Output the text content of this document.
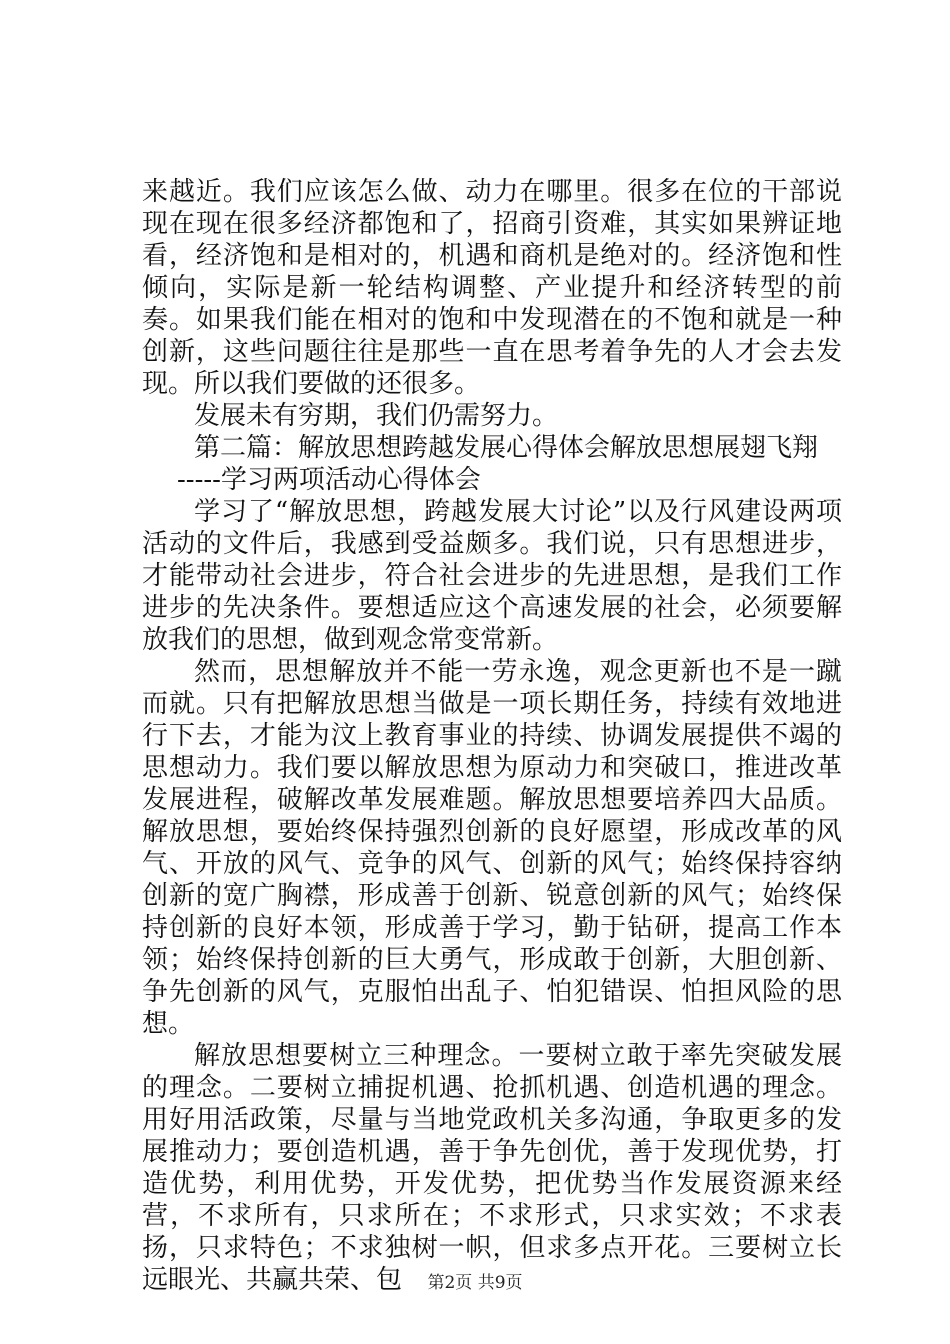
来越近。我们应该怎么做、动力在哪里。很多在位的干部说现在现在很多经济都饱和了，招商引资难，其实如果辨证地看，经济饱和是相对的，机遇和商机是绝对的。经济饱和性倾向，实际是新一轮结构调整、产业提升和经济转型的前奏。如果我们能在相对的饱和中发现潜在的不饱和就是一种创新，这些问题往往是那些一直在思考着争先的人才会去发现。所以我们要做的还很多。

发展未有穷期，我们仍需努力。

第二篇：解放思想跨越发展心得体会解放思想展翅飞翔

-----学习两项活动心得体会

学习了“解放思想，跨越发展大讨论”以及行风建设两项活动的文件后，我感到受益颇多。我们说，只有思想进步，才能带动社会进步，符合社会进步的先进思想，是我们工作进步的先决条件。要想适应这个高速发展的社会，必须要解放我们的思想，做到观念常变常新。

然而，思想解放并不能一劳永逸，观念更新也不是一蹴而就。只有把解放思想当做是一项长期任务，持续有效地进行下去，才能为汶上教育事业的持续、协调发展提供不竭的思想动力。我们要以解放思想为原动力和突破口，推进改革发展进程，破解改革发展难题。解放思想要培养四大品质。解放思想，要始终保持强烈创新的良好愿望，形成改革的风气、开放的风气、竞争的风气、创新的风气；始终保持容纳创新的宽广胸襟，形成善于创新、锐意创新的风气；始终保持创新的良好本领，形成善于学习，勤于钻研，提高工作本领；始终保持创新的巨大勇气，形成敢于创新，大胆创新、争先创新的风气，克服怕出乱子、怕犯错误、怕担风险的思想。

解放思想要树立三种理念。一要树立敢于率先突破发展的理念。二要树立捕捉机遇、抢抓机遇、创造机遇的理念。用好用活政策，尽量与当地党政机关多沟通，争取更多的发展推动力；要创造机遇，善于争先创优，善于发现优势，打造优势，利用优势，开发优势，把优势当作发展资源来经营，不求所有，只求所在；不求形式，只求实效；不求表扬，只求特色；不求独树一帜，但求多点开花。三要树立长远眼光、共赢共荣、包	第2页 共9页
